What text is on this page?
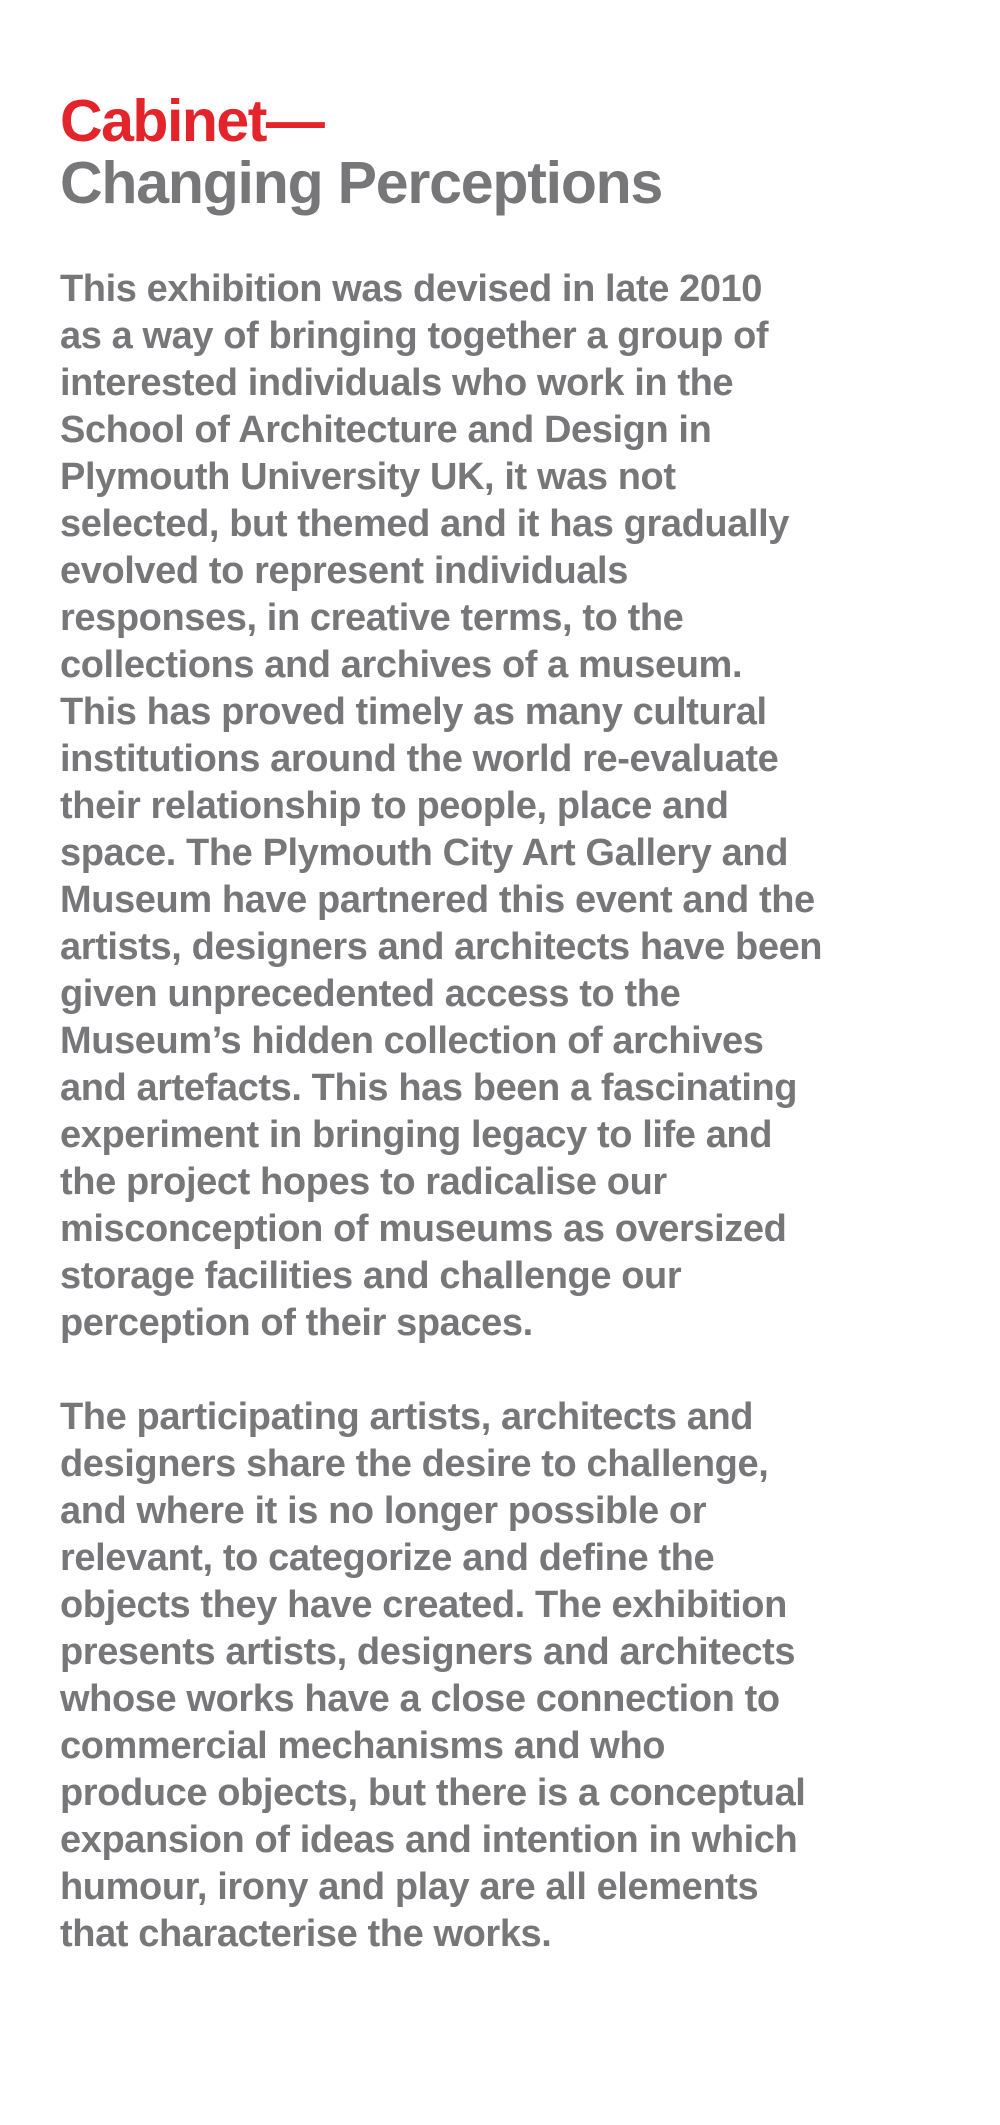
Cabinet—
Changing Perceptions

This exhibition was devised in late 2010
as a way of bringing together a group of
interested individuals who work in the
School of Architecture and Design in
Plymouth University UK, it was not
selected, but themed and it has gradually
evolved to represent individuals
responses, in creative terms, to the
collections and archives of a museum.
This has proved timely as many cultural
institutions around the world re-evaluate
their relationship to people, place and
space. The Plymouth City Art Gallery and
Museum have partnered this event and the
artists, designers and architects have been
given unprecedented access to the
Museum’s hidden collection of archives
and artefacts. This has been a fascinating
experiment in bringing legacy to life and
the project hopes to radicalise our
misconception of museums as oversized
storage facilities and challenge our
perception of their spaces.

The participating artists, architects and
designers share the desire to challenge,
and where it is no longer possible or
relevant, to categorize and define the
objects they have created. The exhibition
presents artists, designers and architects
whose works have a close connection to
commercial mechanisms and who
produce objects, but there is a conceptual
expansion of ideas and intention in which
humour, irony and play are all elements
that characterise the works.
